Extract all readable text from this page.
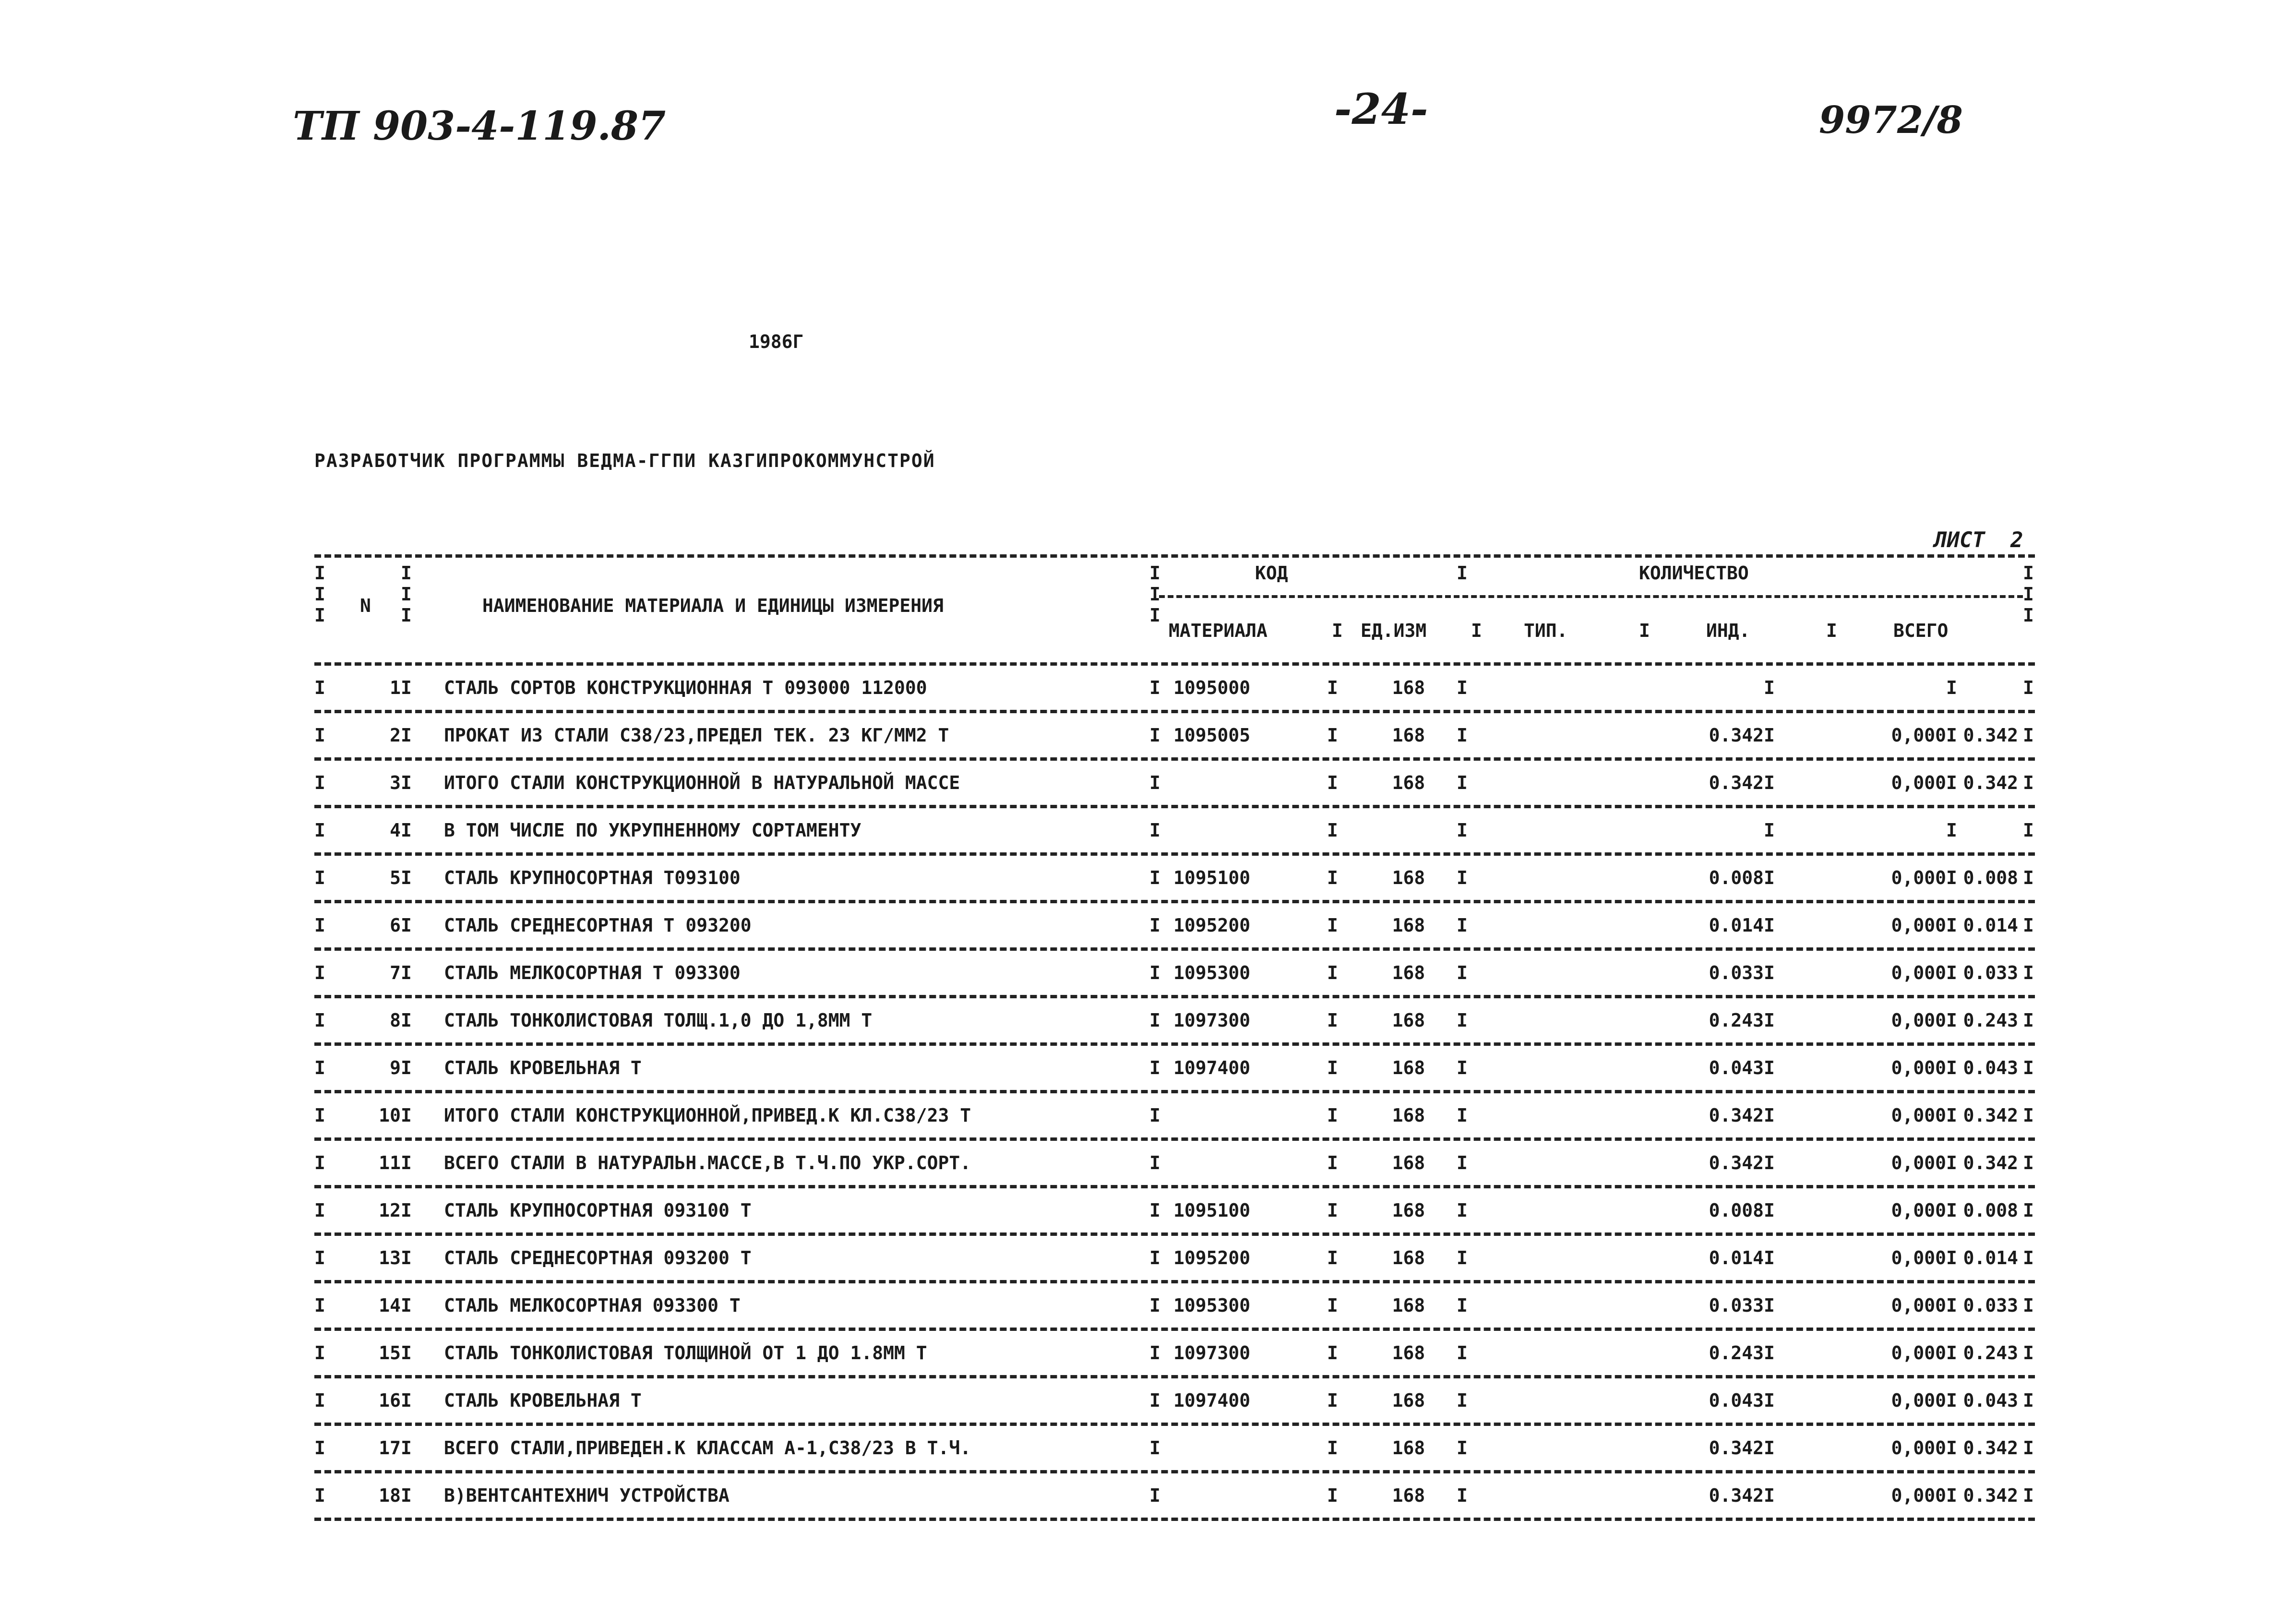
ТП 903-4-119.87	-24-	9972/8
1986Г
РАЗРАБОТЧИК ПРОГРАММЫ ВЕДМА-ГГПИ КАЗГИПРОКОММУНСТРОЙ
ЛИСТ  2
I
I
I N
I
I
I	НАИМЕНОВАНИЕ МАТЕРИАЛА И ЕДИНИЦЫ ИЗМЕРЕНИЯ
I
I
I
КОД	I	КОЛИЧЕСТВО	I
I
I
МАТЕРИАЛА	I ЕД.ИЗМ I ТИП.	I	ИНД.	I	ВСЕГО
I	1 I СТАЛЬ СОРТОВ КОНСТРУКЦИОННАЯ Т 093000 112000	I 1095000	I	168	I	I	I	I
I	2 I ПРОКАТ ИЗ СТАЛИ С38/23,ПРЕДЕЛ ТЕК. 23 КГ/ММ2 Т	I 1095005	I	168	I	0.342 I	0,000 I 0.342 I
I	3 I ИТОГО СТАЛИ КОНСТРУКЦИОННОЙ В НАТУРАЛЬНОЙ МАССЕ	I	I	168	I	0.342 I	0,000 I 0.342 I
I	4 I В ТОМ ЧИСЛЕ ПО УКРУПНЕННОМУ СОРТАМЕНТУ	I	I	I	I	I	I
I	5 I СТАЛЬ КРУПНОСОРТНАЯ Т093100	I 1095100	I	168	I	0.008 I	0,000 I 0.008 I
I	6 I СТАЛЬ СРЕДНЕСОРТНАЯ Т 093200	I 1095200	I	168	I	0.014 I	0,000 I 0.014 I
I	7 I СТАЛЬ МЕЛКОСОРТНАЯ Т 093300	I 1095300	I	168	I	0.033 I	0,000 I 0.033 I
I	8 I СТАЛЬ ТОНКОЛИСТОВАЯ ТОЛЩ.1,0 ДО 1,8ММ Т	I 1097300	I	168	I	0.243 I	0,000 I 0.243 I
I	9 I СТАЛЬ КРОВЕЛЬНАЯ Т	I 1097400	I	168	I	0.043 I	0,000 I 0.043 I
I	10 I ИТОГО СТАЛИ КОНСТРУКЦИОННОЙ,ПРИВЕД.К КЛ.С38/23 Т	I	I	168	I	0.342 I	0,000 I 0.342 I
I	11 I ВСЕГО СТАЛИ В НАТУРАЛЬН.МАССЕ,В Т.Ч.ПО УКР.СОРТ.	I	I	168	I	0.342 I	0,000 I 0.342 I
I	12 I СТАЛЬ КРУПНОСОРТНАЯ 093100 Т	I 1095100	I	168	I	0.008 I	0,000 I 0.008 I
I	13 I СТАЛЬ СРЕДНЕСОРТНАЯ 093200 Т	I 1095200	I	168	I	0.014 I	0,000 I 0.014 I
I	14 I СТАЛЬ МЕЛКОСОРТНАЯ 093300 Т	I 1095300	I	168	I	0.033 I	0,000 I 0.033 I
I	15 I СТАЛЬ ТОНКОЛИСТОВАЯ ТОЛЩИНОЙ ОТ 1 ДО 1.8ММ Т	I 1097300	I	168	I	0.243 I	0,000 I 0.243 I
I	16 I СТАЛЬ КРОВЕЛЬНАЯ Т	I 1097400	I	168	I	0.043 I	0,000 I 0.043 I
I	17 I ВСЕГО СТАЛИ,ПРИВЕДЕН.К КЛАССАМ А-1,С38/23 В Т.Ч.	I	I	168	I	0.342 I	0,000 I 0.342 I
I	18 I В)ВЕНТСАНТЕХНИЧ УСТРОЙСТВА	I	I	168	I	0.342 I	0,000 I 0.342 I
